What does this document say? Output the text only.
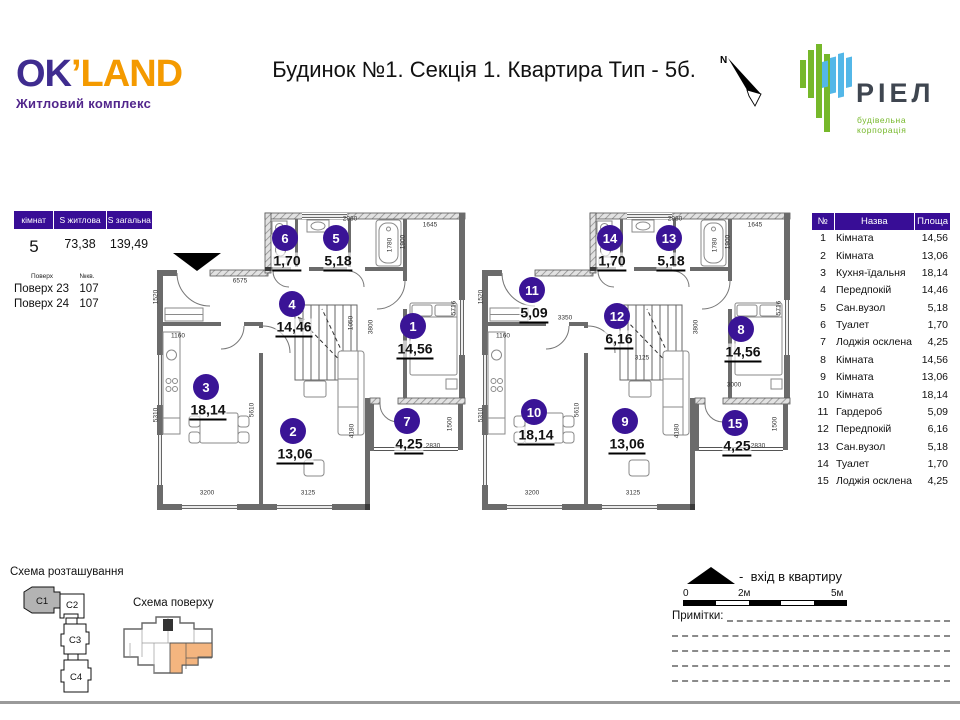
OK’LAND
Житловий комплекс
Будинок №1. Секція 1. Квартира Тип - 5б. N
РІЕЛ
будівельна корпорація
кімнат	S житлова S загальна
5	73,38	139,49
Поверх	№кв.
Поверх 23 107
Поверх 24 107
6
1,70
5
5,18
4
14,46	1
14,56
3
18,14
2
13,06
7
4,25
6575
2960
1645
1780 1900
1520
1160
3800
1050
5310	5610
4180
3200	3125
2830
1500
5716
14
1,70
13
5,18
11
5,09	12
6,16
8
14,56
10
18,14
9
13,06
15
4,25
2960
1645
1780 1900
1520
1160
3350
3800
3125
5310	5610
4180
3000
3200	3125
2830
1500
5716
№	Назва	Площа
1	Кімната	14,56
2	Кімната	13,06
3	Кухня-їдальня	18,14
4	Передпокій	14,46
5	Сан.вузол	5,18
6	Туалет	1,70
7	Лоджія осклена	4,25
8	Кімната	14,56
9	Кімната	13,06
10	Кімната	18,14
11	Гардероб	5,09
12	Передпокій	6,16
13	Сан.вузол	5,18
14	Туалет	1,70
15	Лоджія осклена	4,25
Схема розташування
C1 C2
C3
C4
Схема поверху
- вхід в квартиру
0	2м	5м
Примітки:
